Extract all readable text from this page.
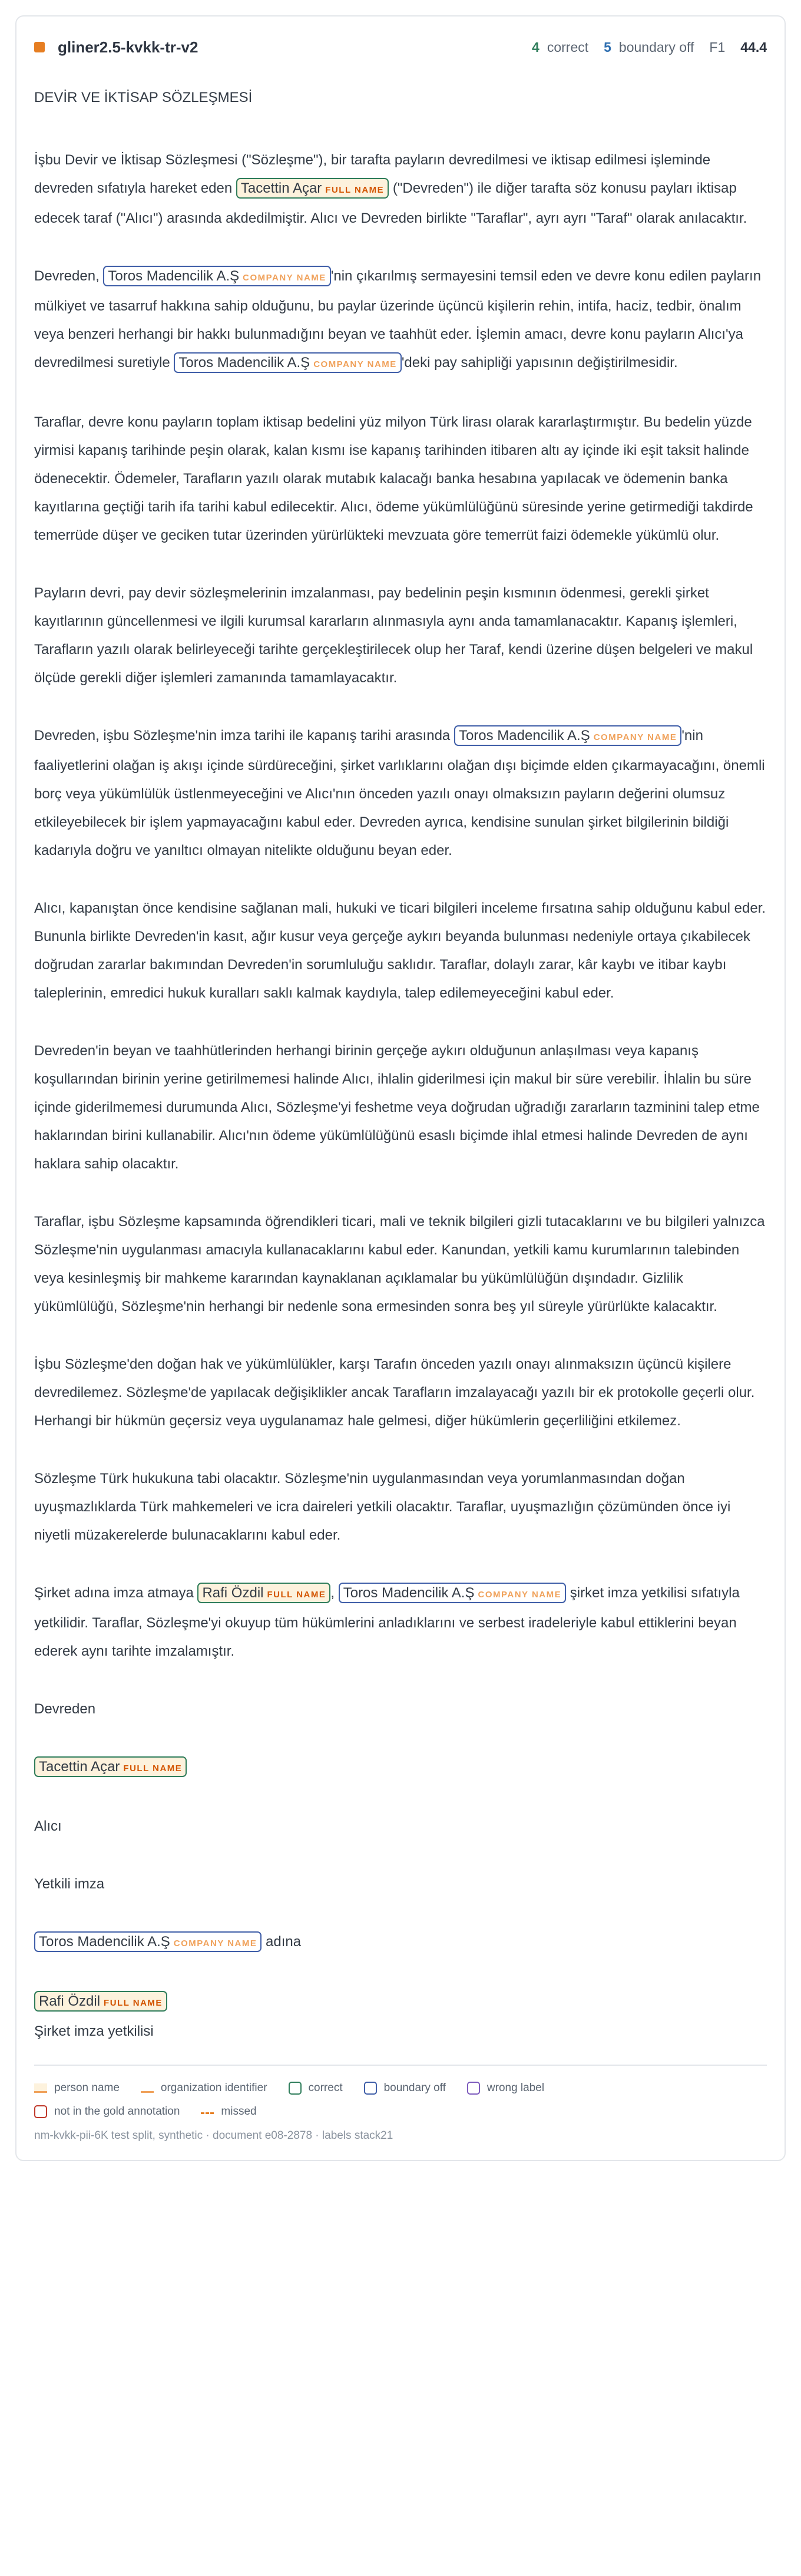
gliner2.5-kvkk-tr-v2	4 correct 5 boundary off F1 44.4
DEVİR VE İKTİSAP SÖZLEŞMESİ
İşbu Devir ve İktisap Sözleşmesi ("Sözleşme"), bir tarafta payların devredilmesi ve iktisap edilmesi işleminde devreden sıfatıyla hareket eden Tacettin Açar FULL NAME ("Devreden") ile diğer tarafta söz konusu payları iktisap edecek taraf ("Alıcı") arasında akdedilmiştir. Alıcı ve Devreden birlikte "Taraflar", ayrı ayrı "Taraf" olarak anılacaktır.
Devreden, Toros Madencilik A.Ş COMPANY NAME 'nin çıkarılmış sermayesini temsil eden ve devre konu edilen payların mülkiyet ve tasarruf hakkına sahip olduğunu, bu paylar üzerinde üçüncü kişilerin rehin, intifa, haciz, tedbir, önalım veya benzeri herhangi bir hakkı bulunmadığını beyan ve taahhüt eder. İşlemin amacı, devre konu payların Alıcı'ya devredilmesi suretiyle Toros Madencilik A.Ş COMPANY NAME 'deki pay sahipliği yapısının değiştirilmesidir.
Taraflar, devre konu payların toplam iktisap bedelini yüz milyon Türk lirası olarak kararlaştırmıştır. Bu bedelin yüzde yirmisi kapanış tarihinde peşin olarak, kalan kısmı ise kapanış tarihinden itibaren altı ay içinde iki eşit taksit halinde ödenecektir. Ödemeler, Tarafların yazılı olarak mutabık kalacağı banka hesabına yapılacak ve ödemenin banka kayıtlarına geçtiği tarih ifa tarihi kabul edilecektir. Alıcı, ödeme yükümlülüğünü süresinde yerine getirmediği takdirde temerrüde düşer ve geciken tutar üzerinden yürürlükteki mevzuata göre temerrüt faizi ödemekle yükümlü olur.
Payların devri, pay devir sözleşmelerinin imzalanması, pay bedelinin peşin kısmının ödenmesi, gerekli şirket kayıtlarının güncellenmesi ve ilgili kurumsal kararların alınmasıyla aynı anda tamamlanacaktır. Kapanış işlemleri, Tarafların yazılı olarak belirleyeceği tarihte gerçekleştirilecek olup her Taraf, kendi üzerine düşen belgeleri ve makul ölçüde gerekli diğer işlemleri zamanında tamamlayacaktır.
Devreden, işbu Sözleşme'nin imza tarihi ile kapanış tarihi arasında Toros Madencilik A.Ş COMPANY NAME 'nin faaliyetlerini olağan iş akışı içinde sürdüreceğini, şirket varlıklarını olağan dışı biçimde elden çıkarmayacağını, önemli borç veya yükümlülük üstlenmeyeceğini ve Alıcı'nın önceden yazılı onayı olmaksızın payların değerini olumsuz etkileyebilecek bir işlem yapmayacağını kabul eder. Devreden ayrıca, kendisine sunulan şirket bilgilerinin bildiği kadarıyla doğru ve yanıltıcı olmayan nitelikte olduğunu beyan eder.
Alıcı, kapanıştan önce kendisine sağlanan mali, hukuki ve ticari bilgileri inceleme fırsatına sahip olduğunu kabul eder. Bununla birlikte Devreden'in kasıt, ağır kusur veya gerçeğe aykırı beyanda bulunması nedeniyle ortaya çıkabilecek doğrudan zararlar bakımından Devreden'in sorumluluğu saklıdır. Taraflar, dolaylı zarar, kâr kaybı ve itibar kaybı taleplerinin, emredici hukuk kuralları saklı kalmak kaydıyla, talep edilemeyeceğini kabul eder.
Devreden'in beyan ve taahhütlerinden herhangi birinin gerçeğe aykırı olduğunun anlaşılması veya kapanış koşullarından birinin yerine getirilmemesi halinde Alıcı, ihlalin giderilmesi için makul bir süre verebilir. İhlalin bu süre içinde giderilmemesi durumunda Alıcı, Sözleşme'yi feshetme veya doğrudan uğradığı zararların tazminini talep etme haklarından birini kullanabilir. Alıcı'nın ödeme yükümlülüğünü esaslı biçimde ihlal etmesi halinde Devreden de aynı haklara sahip olacaktır.
Taraflar, işbu Sözleşme kapsamında öğrendikleri ticari, mali ve teknik bilgileri gizli tutacaklarını ve bu bilgileri yalnızca Sözleşme'nin uygulanması amacıyla kullanacaklarını kabul eder. Kanundan, yetkili kamu kurumlarının talebinden veya kesinleşmiş bir mahkeme kararından kaynaklanan açıklamalar bu yükümlülüğün dışındadır. Gizlilik yükümlülüğü, Sözleşme'nin herhangi bir nedenle sona ermesinden sonra beş yıl süreyle yürürlükte kalacaktır.
İşbu Sözleşme'den doğan hak ve yükümlülükler, karşı Tarafın önceden yazılı onayı alınmaksızın üçüncü kişilere devredilemez. Sözleşme'de yapılacak değişiklikler ancak Tarafların imzalayacağı yazılı bir ek protokolle geçerli olur. Herhangi bir hükmün geçersiz veya uygulanamaz hale gelmesi, diğer hükümlerin geçerliliğini etkilemez.
Sözleşme Türk hukukuna tabi olacaktır. Sözleşme'nin uygulanmasından veya yorumlanmasından doğan uyuşmazlıklarda Türk mahkemeleri ve icra daireleri yetkili olacaktır. Taraflar, uyuşmazlığın çözümünden önce iyi niyetli müzakerelerde bulunacaklarını kabul eder.
Şirket adına imza atmaya Rafi Özdil FULL NAME , Toros Madencilik A.Ş COMPANY NAME şirket imza yetkilisi sıfatıyla yetkilidir. Taraflar, Sözleşme'yi okuyup tüm hükümlerini anladıklarını ve serbest iradeleriyle kabul ettiklerini beyan ederek aynı tarihte imzalamıştır.
Devreden
Tacettin Açar FULL NAME
Alıcı
Yetkili imza
Toros Madencilik A.Ş COMPANY NAME adına
Rafi Özdil FULL NAME
Şirket imza yetkilisi
person name	organization identifier	correct	boundary off	wrong label
not in the gold annotation	missed
nm-kvkk-pii-6K test split, synthetic · document e08-2878 · labels stack21
